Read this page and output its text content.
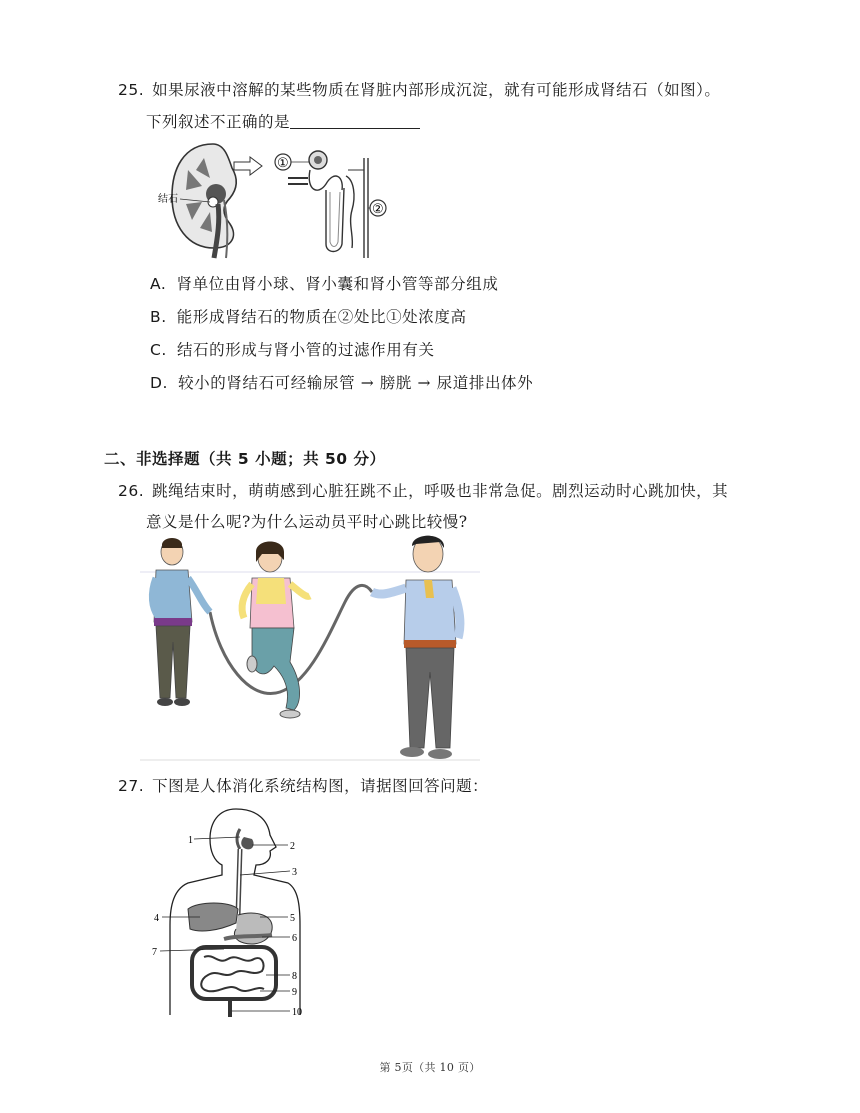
25. 如果尿液中溶解的某些物质在肾脏内部形成沉淀，就有可能形成肾结石（如图）。
下列叙述不正确的是
结石
①
②
A. 肾单位由肾小球、肾小囊和肾小管等部分组成
B. 能形成肾结石的物质在②处比①处浓度高
C. 结石的形成与肾小管的过滤作用有关
D. 较小的肾结石可经输尿管 → 膀胱 → 尿道排出体外
二、非选择题（共 5 小题；共 50 分）
26. 跳绳结束时，萌萌感到心脏狂跳不止，呼吸也非常急促。剧烈运动时心跳加快，其
意义是什么呢?为什么运动员平时心跳比较慢?
27. 下图是人体消化系统结构图，请据图回答问题：
1
2
3
4	5
6
7
8
9
10
第 5页（共 10 页）
